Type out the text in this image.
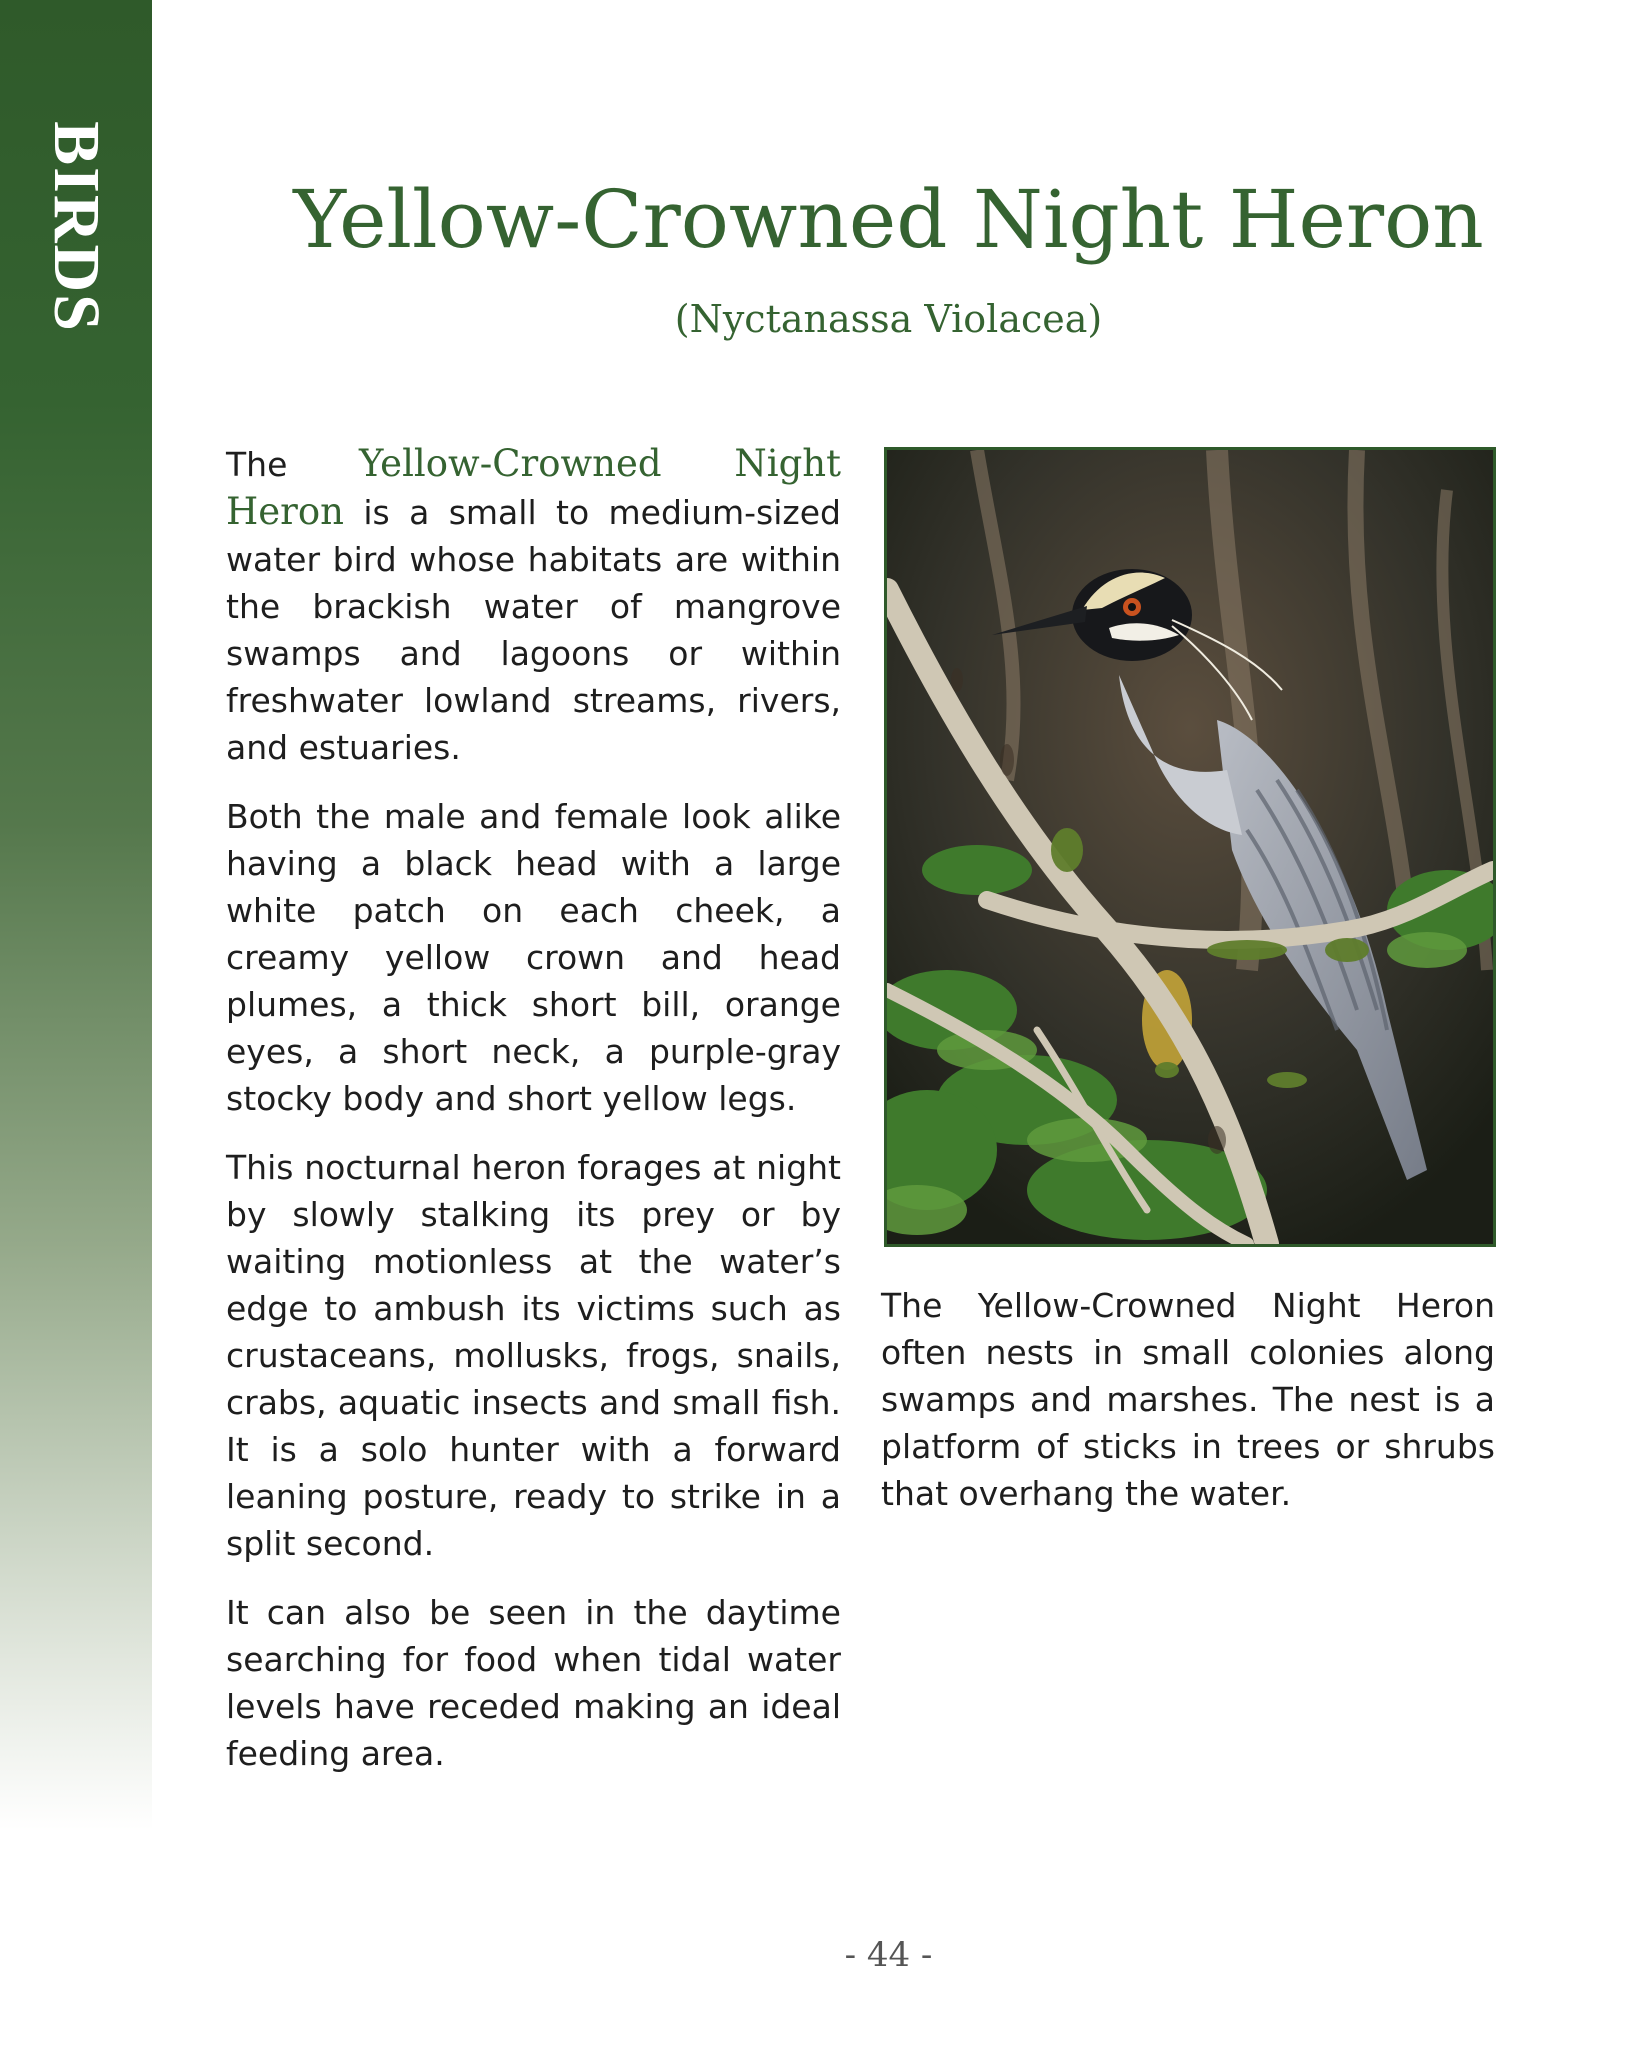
BIRDS	Yellow-Crowned Night Heron
(Nyctanassa Violacea)

The Yellow-Crowned Night Heron is a small to medium-sized water bird whose habitats are within the brackish water of mangrove swamps and lagoons or within freshwater lowland streams, rivers, and estuaries.

Both the male and female look alike having a black head with a large white patch on each cheek, a creamy yellow crown and head plumes, a thick short bill, orange eyes, a short neck, a purple-gray stocky body and short yellow legs.

This nocturnal heron forages at night by slowly stalking its prey or by waiting motionless at the water’s edge to ambush its victims such as crustaceans, mollusks, frogs, snails, crabs, aquatic insects and small fish. It is a solo hunter with a forward leaning posture, ready to strike in a split second.

It can also be seen in the daytime searching for food when tidal water levels have receded making an ideal feeding area.

The Yellow-Crowned Night Heron often nests in small colonies along swamps and marshes. The nest is a platform of sticks in trees or shrubs that overhang the water.

- 44 -
